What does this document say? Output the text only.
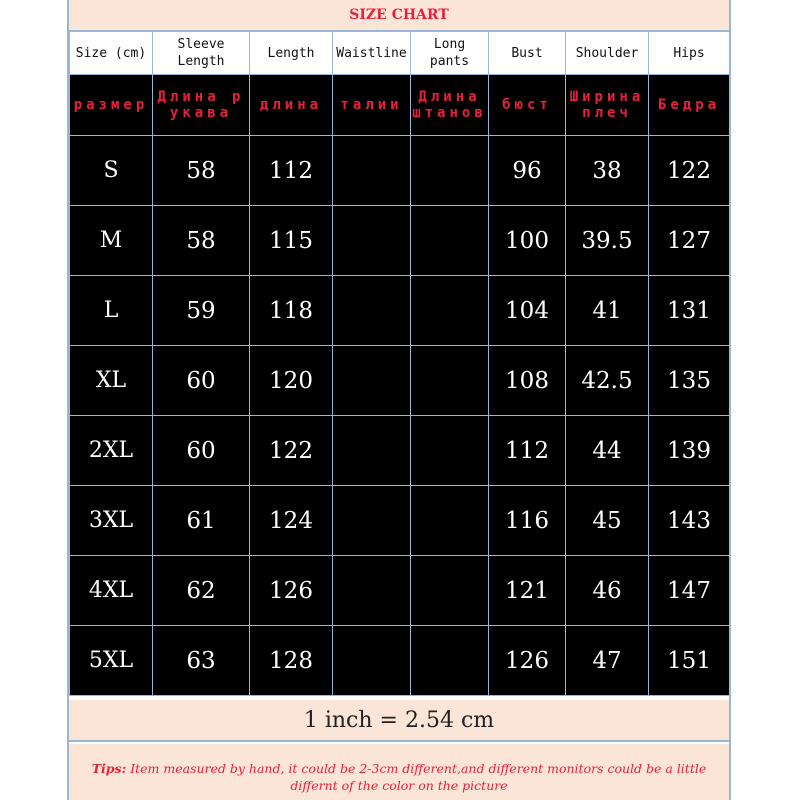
SIZE CHART
Size (cm)	Sleeve Length	Length	Waistline	Long pants	Bust	Shoulder	Hips
размер	Длина рукава	длина	талии	Длина штанов	бюст	Ширина плеч	Бедра
S	58	112			96	38	122
M	58	115			100	39.5	127
L	59	118			104	41	131
XL	60	120			108	42.5	135
2XL	60	122			112	44	139
3XL	61	124			116	45	143
4XL	62	126			121	46	147
5XL	63	128			126	47	151
1 inch = 2.54 cm
Tips: Item measured by hand, it could be 2-3cm different,and different monitors could be a little differnt of the color on the picture
